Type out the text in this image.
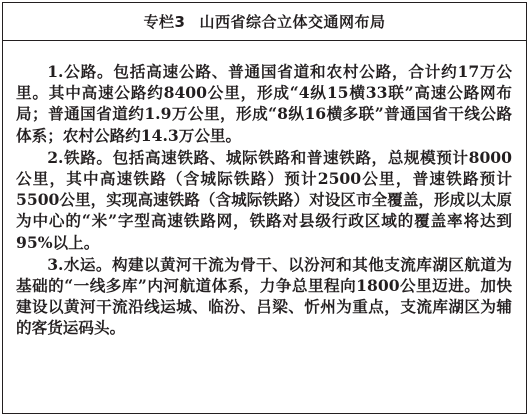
专栏3 山西省综合立体交通网布局

1.公路。包括高速公路、普通国省道和农村公路，合计约17万公里。其中高速公路约8400公里，形成“4纵15横33联”高速公路网布局；普通国省道约1.9万公里，形成“8纵16横多联”普通国省干线公路体系；农村公路约14.3万公里。

2.铁路。包括高速铁路、城际铁路和普速铁路，总规模预计8000公里，其中高速铁路（含城际铁路）预计2500公里，普速铁路预计5500公里，实现高速铁路（含城际铁路）对设区市全覆盖，形成以太原为中心的“米”字型高速铁路网，铁路对县级行政区域的覆盖率将达到95%以上。

3.水运。构建以黄河干流为骨干、以汾河和其他支流库湖区航道为基础的“一线多库”内河航道体系，力争总里程向1800公里迈进。加快建设以黄河干流沿线运城、临汾、吕梁、忻州为重点，支流库湖区为辅的客货运码头。
